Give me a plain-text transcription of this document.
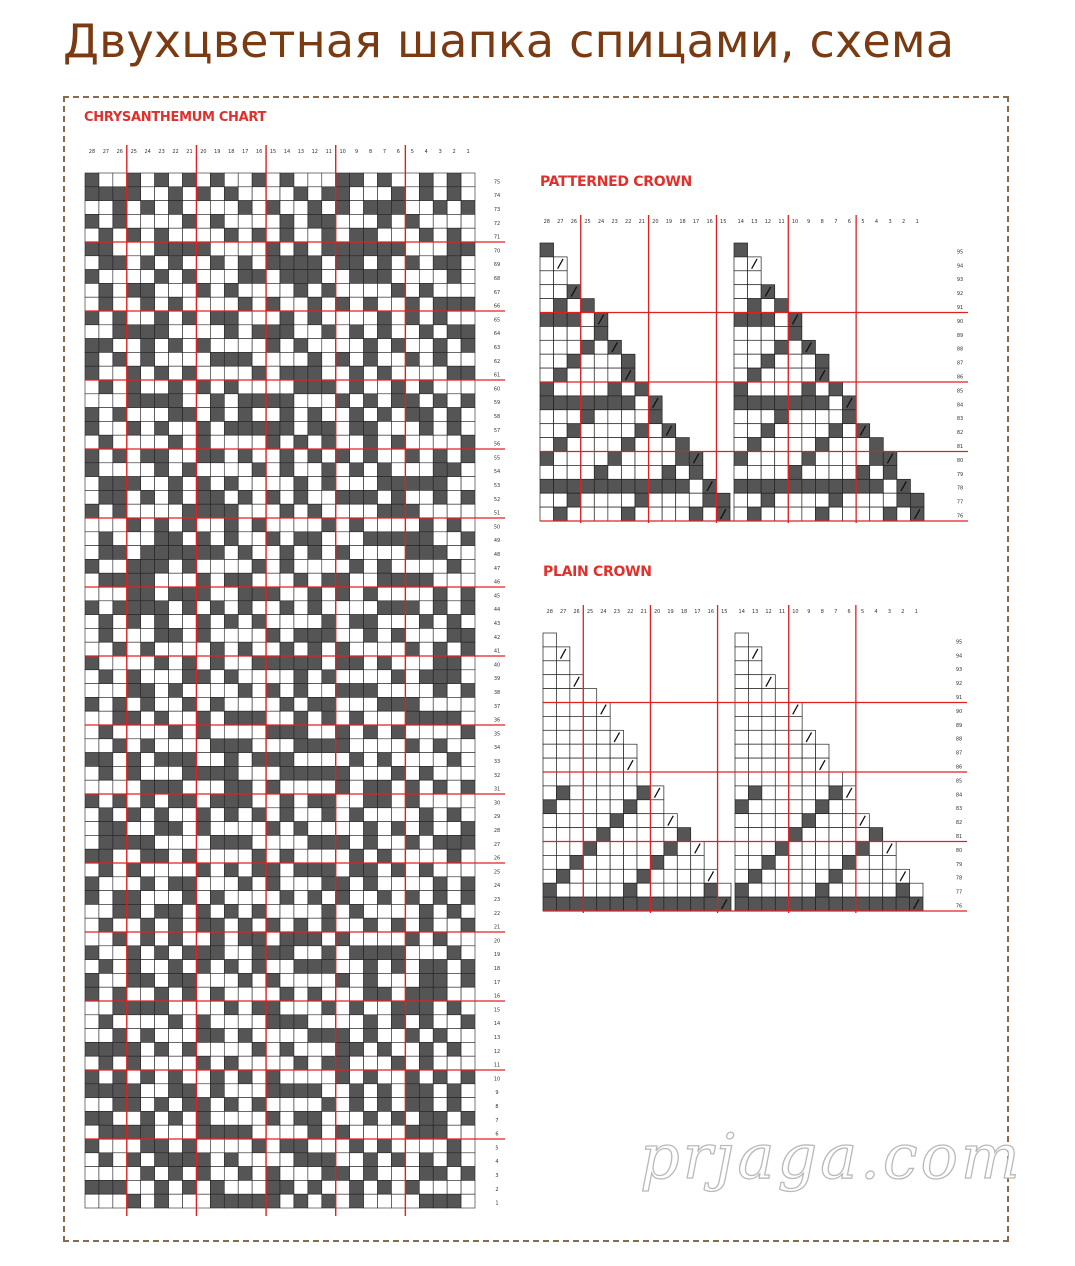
Двухцветная шапка спицами, схема
CHRYSANTHEMUM CHART
PATTERNED CROWN
PLAIN CROWN
28 27 26 25 24 23 22 21 20 19 18 17 16 15 14 13 12 11 10 9 8 7 6 5 4 3 2 1
75
74
73
72
71
70
69
68
67
66
65
64
63
62
61
60
59
58
57
56
55
54
53
52
51
50
49
48
47
46
45
44
43
42
41
40
39
38
37
36
35
34
33
32
31
30
29
28
27
26
25
24
23
22
21
20
19
18
17
16
15
14
13
12
11
10
9
8
7
6
5
4
3
2
1
28 27 26 25 24 23 22 21 20 19 18 17 16 15 14 13 12 11 10 9 8 7 6 5 4 3 2 1
95
94
93
92
91
90
89
88
87
86
85
84
83
82
81
80
79
78
77
76
28 27 26 25 24 23 22 21 20 19 18 17 16 15 14 13 12 11 10 9 8 7 6 5 4 3 2 1
95
94
93
92
91
90
89
88
87
86
85
84
83
82
81
80
79
78
77
76
prjaga.com
